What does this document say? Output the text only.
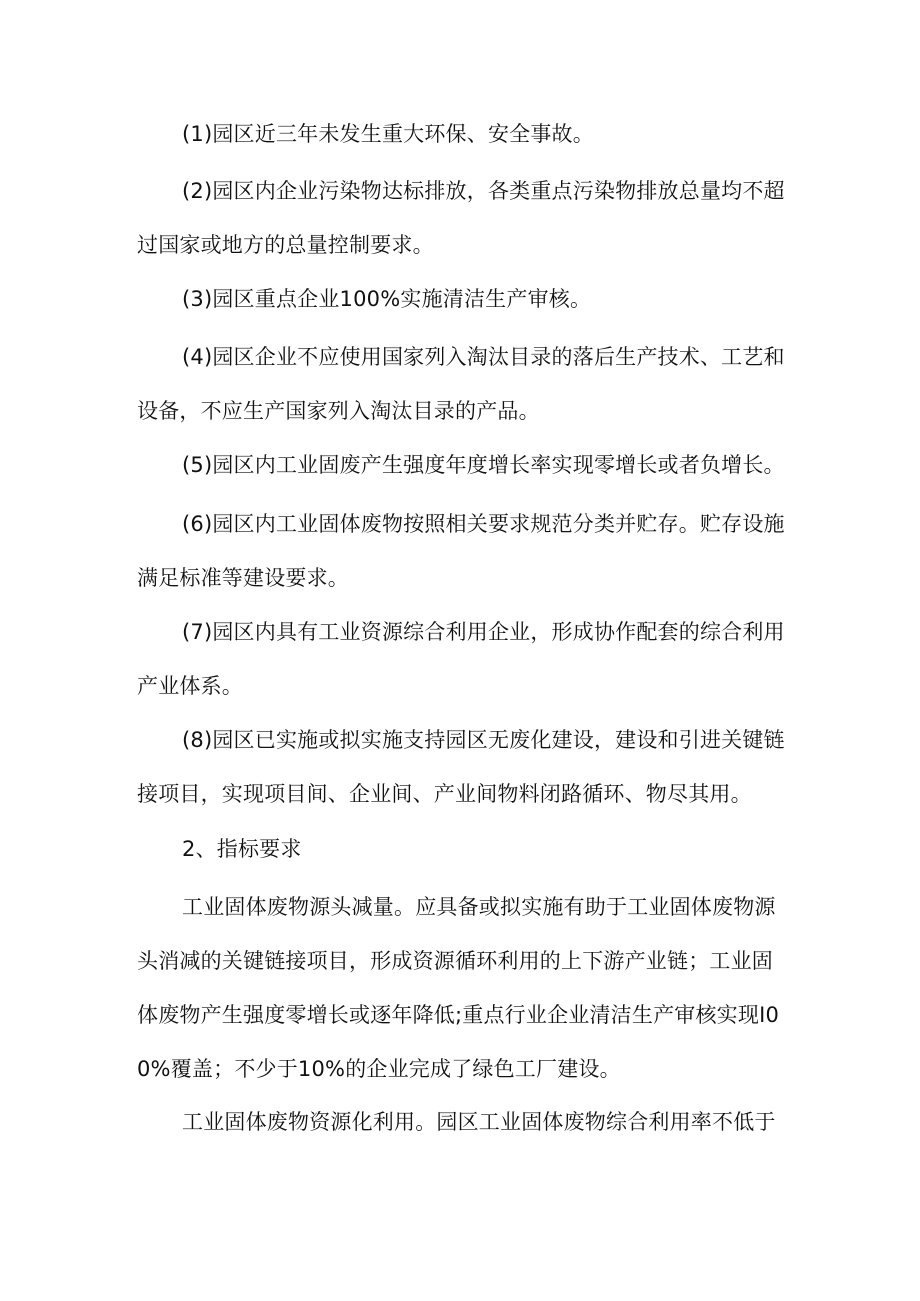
(1)园区近三年未发生重大环保、安全事故。

(2)园区内企业污染物达标排放，各类重点污染物排放总量均不超过国家或地方的总量控制要求。

(3)园区重点企业100%实施清洁生产审核。

(4)园区企业不应使用国家列入淘汰目录的落后生产技术、工艺和设备，不应生产国家列入淘汰目录的产品。

(5)园区内工业固废产生强度年度增长率实现零增长或者负增长。

(6)园区内工业固体废物按照相关要求规范分类并贮存。贮存设施满足标准等建设要求。

(7)园区内具有工业资源综合利用企业，形成协作配套的综合利用产业体系。

(8)园区已实施或拟实施支持园区无废化建设，建设和引进关键链接项目，实现项目间、企业间、产业间物料闭路循环、物尽其用。

2、指标要求

工业固体废物源头减量。应具备或拟实施有助于工业固体废物源头消减的关键链接项目，形成资源循环利用的上下游产业链；工业固体废物产生强度零增长或逐年降低;重点行业企业清洁生产审核实现I00%覆盖；不少于10%的企业完成了绿色工厂建设。

工业固体废物资源化利用。园区工业固体废物综合利用率不低于
